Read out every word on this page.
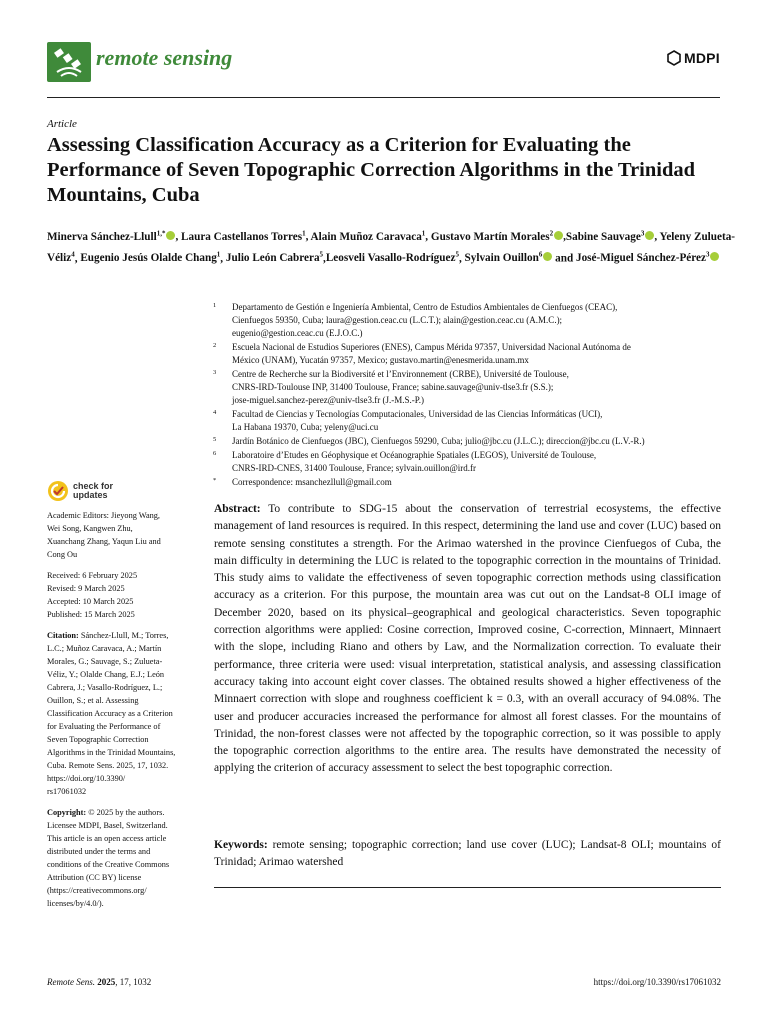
remote sensing	MDPI
Article
Assessing Classification Accuracy as a Criterion for Evaluating the Performance of Seven Topographic Correction Algorithms in the Trinidad Mountains, Cuba
Minerva Sánchez-Llull$^{1,*}$ , Laura Castellanos Torres$^1$, Alain Muñoz Caravaca$^1$, Gustavo Martín Morales$^2$ ,Sabine Sauvage$^3$ , Yeleny Zulueta-Véliz$^4$, Eugenio Jesús Olalde Chang$^1$, Julio León Cabrera$^5$,Leosveli Vasallo-Rodríguez$^5$, Sylvain Ouillon$^6$ and José-Miguel Sánchez-Pérez$^3$
1 Departamento de Gestión e Ingeniería Ambiental, Centro de Estudios Ambientales de Cienfuegos (CEAC),
Cienfuegos 59350, Cuba; laura@gestion.ceac.cu (L.C.T.); alain@gestion.ceac.cu (A.M.C.);
eugenio@gestion.ceac.cu (E.J.O.C.)
2 Escuela Nacional de Estudios Superiores (ENES), Campus Mérida 97357, Universidad Nacional Autónoma de
México (UNAM), Yucatán 97357, Mexico; gustavo.martin@enesmerida.unam.mx
3 Centre de Recherche sur la Biodiversité et l’Environnement (CRBE), Université de Toulouse,
CNRS-IRD-Toulouse INP, 31400 Toulouse, France; sabine.sauvage@univ-tlse3.fr (S.S.);
jose-miguel.sanchez-perez@univ-tlse3.fr (J.-M.S.-P.)
4 Facultad de Ciencias y Tecnologías Computacionales, Universidad de las Ciencias Informáticas (UCI),
La Habana 19370, Cuba; yeleny@uci.cu
5 Jardín Botánico de Cienfuegos (JBC), Cienfuegos 59290, Cuba; julio@jbc.cu (J.L.C.); direccion@jbc.cu (L.V.-R.)
6 Laboratoire d’Etudes en Géophysique et Océanographie Spatiales (LEGOS), Université de Toulouse,
CNRS-IRD-CNES, 31400 Toulouse, France; sylvain.ouillon@ird.fr
* Correspondence: msanchezllull@gmail.com
check for
updates
Academic Editors: Jieyong Wang,
Wei Song, Kangwen Zhu,
Xuanchang Zhang, Yaqun Liu and
Cong Ou
Received: 6 February 2025
Revised: 9 March 2025
Accepted: 10 March 2025
Published: 15 March 2025
Citation: Sánchez-Llull, M.; Torres,
L.C.; Muñoz Caravaca, A.; Martín
Morales, G.; Sauvage, S.; Zulueta-
Véliz, Y.; Olalde Chang, E.J.; León
Cabrera, J.; Vasallo-Rodríguez, L.;
Ouillon, S.; et al. Assessing
Classification Accuracy as a Criterion
for Evaluating the Performance of
Seven Topographic Correction
Algorithms in the Trinidad Mountains,
Cuba. Remote Sens. 2025, 17, 1032.
https://doi.org/10.3390/
rs17061032
Copyright: © 2025 by the authors.
Licensee MDPI, Basel, Switzerland.
This article is an open access article
distributed under the terms and
conditions of the Creative Commons
Attribution (CC BY) license
(https://creativecommons.org/
licenses/by/4.0/).
Abstract: To contribute to SDG-15 about the conservation of terrestrial ecosystems, the effective management of land resources is required. In this respect, determining the land use and cover (LUC) based on remote sensing constitutes a strength. For the Arimao watershed in the province Cienfuegos of Cuba, the main difficulty in determining the LUC is related to the topographic correction in the mountains of Trinidad. This study aims to validate the effectiveness of seven topographic correction methods using classification accuracy as a criterion. For this purpose, the mountain area was cut out on the Landsat-8 OLI image of December 2020, based on its physical–geographical and geological characteristics. Seven topographic correction algorithms were applied: Cosine correction, Improved cosine, C-correction, Minnaert, Minnaert with the slope, including Riano and others by Law, and the Normalization correction. To evaluate their performance, three criteria were used: visual interpretation, statistical analysis, and assessing classification accuracy taking into account eight cover classes. The obtained results showed a higher effectiveness of the Minnaert correction with slope and roughness coefficient k = 0.3, with an overall accuracy of 94.08%. The user and producer accuracies increased the performance for almost all forest classes. For the mountains of Trinidad, the non-forest classes were not affected by the topographic correction, so it was possible to apply the topographic correction algorithms to the entire area. The results have demonstrated the necessity of applying the criterion of accuracy assessment to select the best topographic correction.
Keywords: remote sensing; topographic correction; land use cover (LUC); Landsat-8 OLI; mountains of Trinidad; Arimao watershed
Remote Sens. 2025, 17, 1032	https://doi.org/10.3390/rs17061032
